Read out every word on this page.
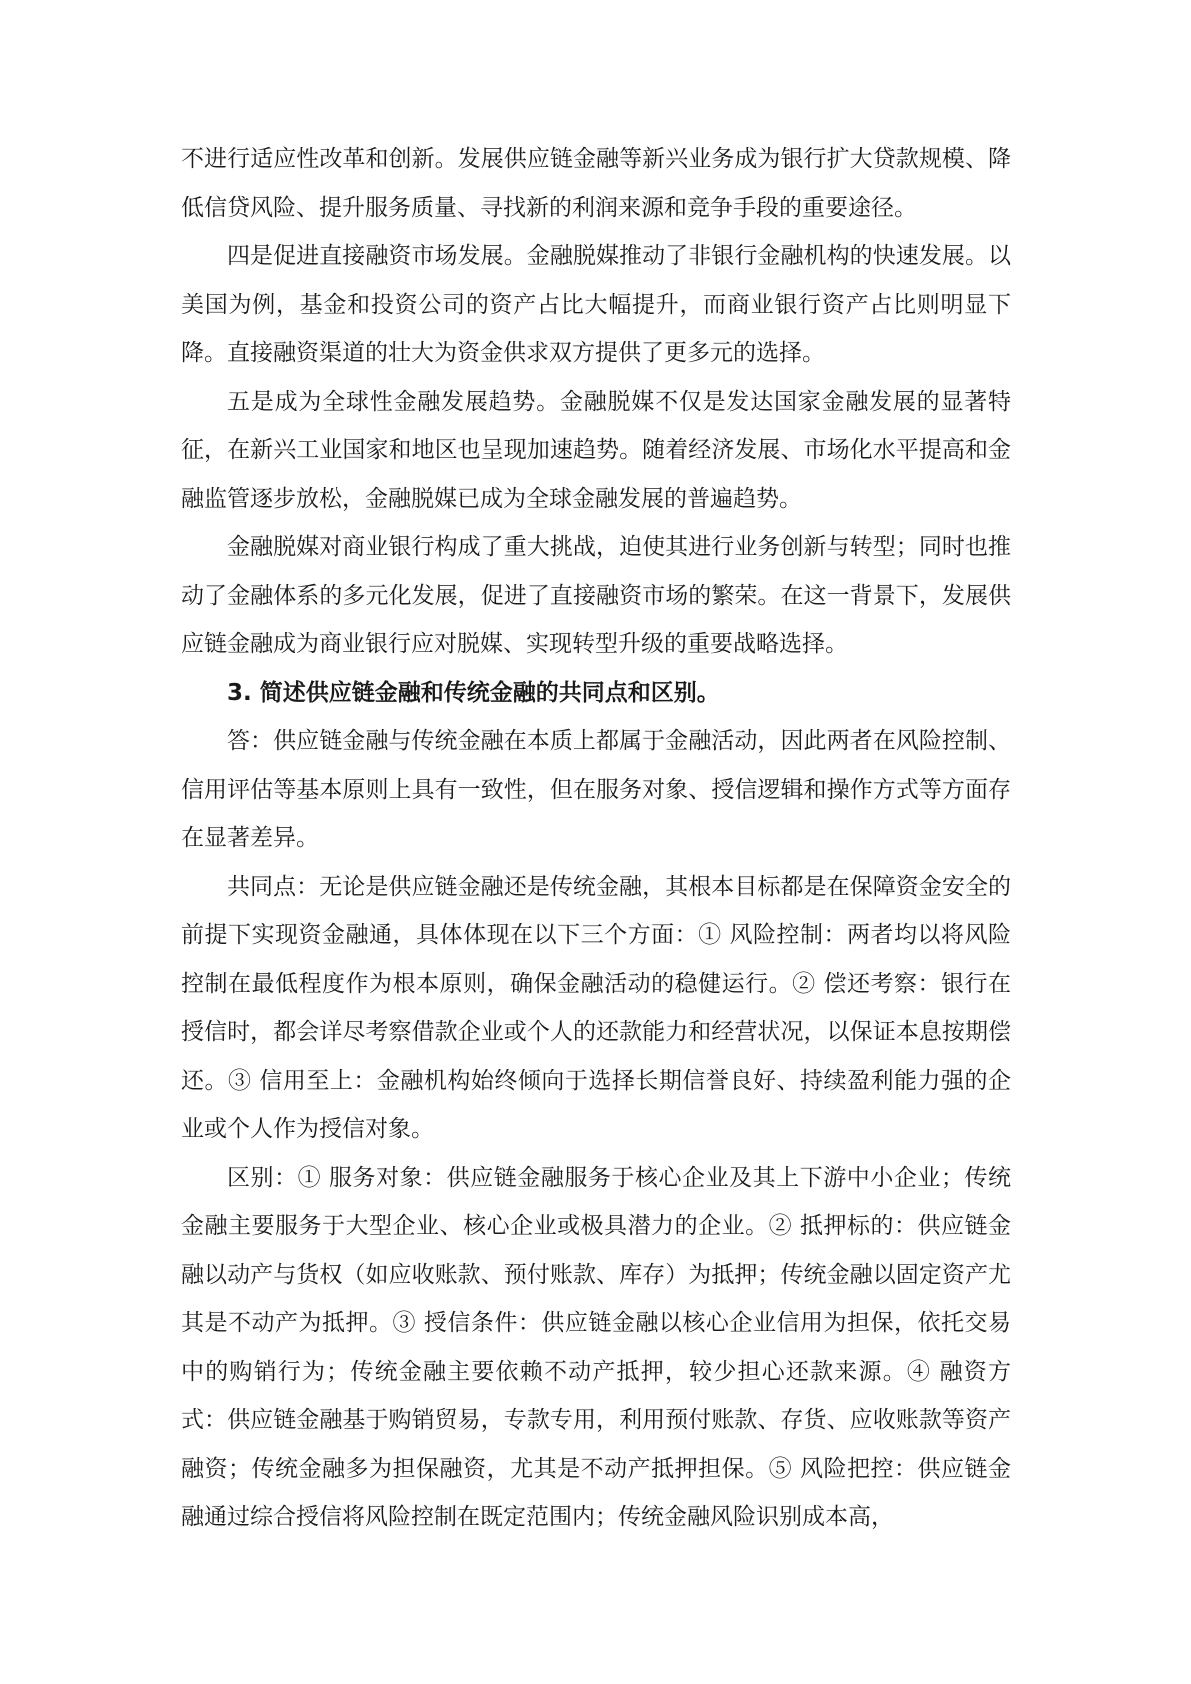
不进行适应性改革和创新。发展供应链金融等新兴业务成为银行扩大贷款规模、降低信贷风险、提升服务质量、寻找新的利润来源和竞争手段的重要途径。

四是促进直接融资市场发展。金融脱媒推动了非银行金融机构的快速发展。以美国为例，基金和投资公司的资产占比大幅提升，而商业银行资产占比则明显下降。直接融资渠道的壮大为资金供求双方提供了更多元的选择。

五是成为全球性金融发展趋势。金融脱媒不仅是发达国家金融发展的显著特征，在新兴工业国家和地区也呈现加速趋势。随着经济发展、市场化水平提高和金融监管逐步放松，金融脱媒已成为全球金融发展的普遍趋势。

金融脱媒对商业银行构成了重大挑战，迫使其进行业务创新与转型；同时也推动了金融体系的多元化发展，促进了直接融资市场的繁荣。在这一背景下，发展供应链金融成为商业银行应对脱媒、实现转型升级的重要战略选择。

3. 简述供应链金融和传统金融的共同点和区别。

答：供应链金融与传统金融在本质上都属于金融活动，因此两者在风险控制、信用评估等基本原则上具有一致性，但在服务对象、授信逻辑和操作方式等方面存在显著差异。

共同点：无论是供应链金融还是传统金融，其根本目标都是在保障资金安全的前提下实现资金融通，具体体现在以下三个方面：① 风险控制：两者均以将风险控制在最低程度作为根本原则，确保金融活动的稳健运行。② 偿还考察：银行在授信时，都会详尽考察借款企业或个人的还款能力和经营状况，以保证本息按期偿还。③ 信用至上：金融机构始终倾向于选择长期信誉良好、持续盈利能力强的企业或个人作为授信对象。

区别：① 服务对象：供应链金融服务于核心企业及其上下游中小企业；传统金融主要服务于大型企业、核心企业或极具潜力的企业。② 抵押标的：供应链金融以动产与货权（如应收账款、预付账款、库存）为抵押；传统金融以固定资产尤其是不动产为抵押。③ 授信条件：供应链金融以核心企业信用为担保，依托交易中的购销行为；传统金融主要依赖不动产抵押，较少担心还款来源。④ 融资方式：供应链金融基于购销贸易，专款专用，利用预付账款、存货、应收账款等资产融资；传统金融多为担保融资，尤其是不动产抵押担保。⑤ 风险把控：供应链金融通过综合授信将风险控制在既定范围内；传统金融风险识别成本高，
